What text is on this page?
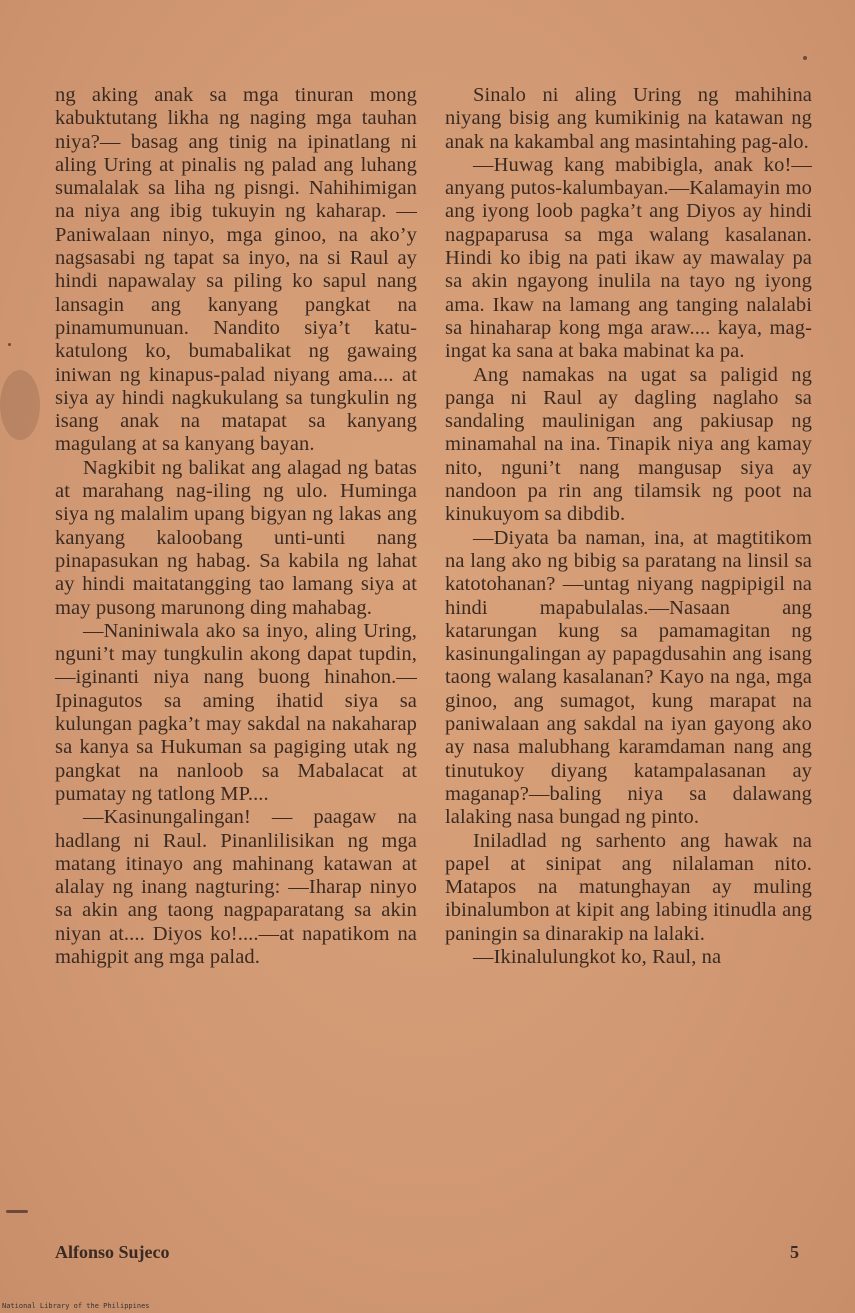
ng aking anak sa mga tinuran mong kabuktutang likha ng naging mga tauhan niya?— basag ang tinig na ipinatlang ni aling Uring at pinalis ng palad ang luhang sumalalak sa liha ng pisngi. Nahihimigan na niya ang ibig tukuyin ng kaharap. —Paniwalaan ninyo, mga ginoo, na ako’y nagsasabi ng tapat sa inyo, na si Raul ay hindi napawalay sa piling ko sapul nang lansagin ang kanyang pangkat na pinamumunuan. Nandito siya’t katu-katulong ko, bumabalikat ng gawaing iniwan ng kinapus-palad niyang ama.... at siya ay hindi nagkukulang sa tungkulin ng isang anak na matapat sa kanyang magulang at sa kanyang bayan.

Nagkibit ng balikat ang alagad ng batas at marahang nag-iling ng ulo. Huminga siya ng malalim upang bigyan ng lakas ang kanyang kaloobang unti-unti nang pinapasukan ng habag. Sa kabila ng lahat ay hindi maitatangging tao lamang siya at may pusong marunong ding mahabag.

—Naniniwala ako sa inyo, aling Uring, nguni’t may tungkulin akong dapat tupdin,—iginanti niya nang buong hinahon.—Ipinagutos sa aming ihatid siya sa kulungan pagka’t may sakdal na nakaharap sa kanya sa Hukuman sa pagiging utak ng pangkat na nanloob sa Mabalacat at pumatay ng tatlong MP....

—Kasinungalingan! — paagaw na hadlang ni Raul. Pinanlilisikan ng mga matang itinayo ang mahinang katawan at alalay ng inang nagturing: —Iharap ninyo sa akin ang taong nagpaparatang sa akin niyan at.... Diyos ko!....—at napatikom na mahigpit ang mga palad.

Sinalo ni aling Uring ng mahihina niyang bisig ang kumikinig na katawan ng anak na kakambal ang masintahing pag-alo.

—Huwag kang mabibigla, anak ko!—anyang putos-kalumbayan.—Kalamayin mo ang iyong loob pagka’t ang Diyos ay hindi nagpaparusa sa mga walang kasalanan. Hindi ko ibig na pati ikaw ay mawalay pa sa akin ngayong inulila na tayo ng iyong ama. Ikaw na lamang ang tanging nalalabi sa hinaharap kong mga araw.... kaya, mag-ingat ka sana at baka mabinat ka pa.

Ang namakas na ugat sa paligid ng panga ni Raul ay dagling naglaho sa sandaling maulinigan ang pakiusap ng minamahal na ina. Tinapik niya ang kamay nito, nguni’t nang mangusap siya ay nandoon pa rin ang tilamsik ng poot na kinukuyom sa dibdib.

—Diyata ba naman, ina, at magtitikom na lang ako ng bibig sa paratang na linsil sa katotohanan? —untag niyang nagpipigil na hindi mapabulalas.—Nasaan ang katarungan kung sa pamamagitan ng kasinungalingan ay papagdusahin ang isang taong walang kasalanan? Kayo na nga, mga ginoo, ang sumagot, kung marapat na paniwalaan ang sakdal na iyan gayong ako ay nasa malubhang karamdaman nang ang tinutukoy diyang katampalasanan ay maganap?—baling niya sa dalawang lalaking nasa bungad ng pinto.

Iniladlad ng sarhento ang hawak na papel at sinipat ang nilalaman nito. Matapos na matunghayan ay muling ibinalumbon at kipit ang labing itinudla ang paningin sa dinarakip na lalaki.

—Ikinalulungkot ko, Raul, na

Alfonso Sujeco	5
National Library of the Philippines
